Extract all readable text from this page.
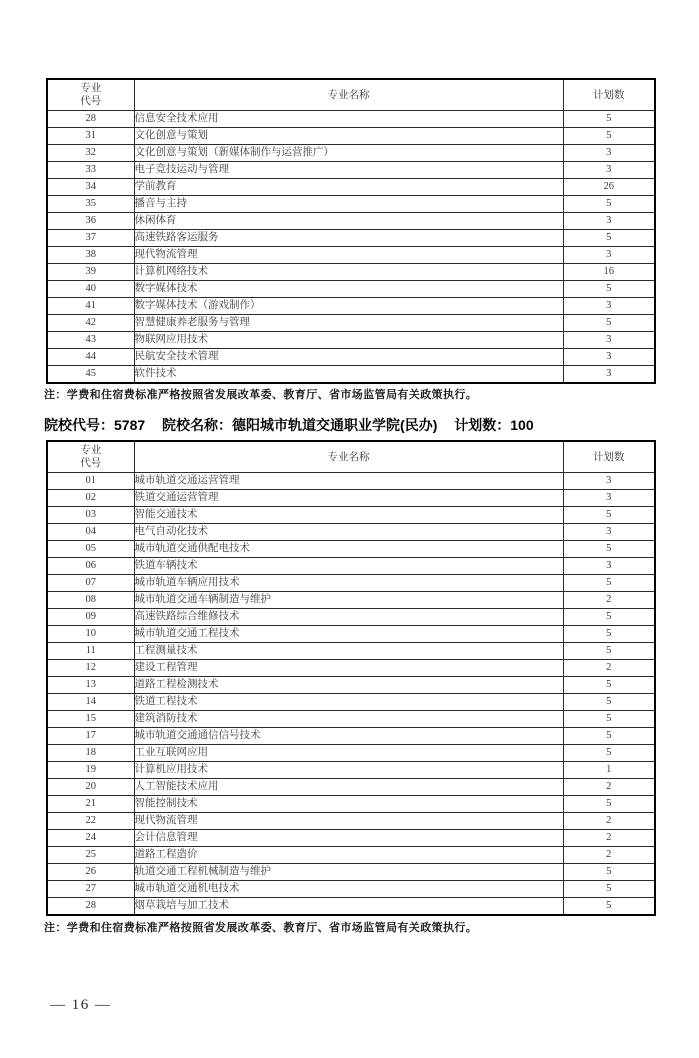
专业
代号	专业名称	计划数
28	信息安全技术应用	5
31	文化创意与策划	5
32	文化创意与策划（新媒体制作与运营推广）	3
33	电子竞技运动与管理	3
34	学前教育	26
35	播音与主持	5
36	休闲体育	3
37	高速铁路客运服务	5
38	现代物流管理	3
39	计算机网络技术	16
40	数字媒体技术	5
41	数字媒体技术（游戏制作）	3
42	智慧健康养老服务与管理	5
43	物联网应用技术	3
44	民航安全技术管理	3
45	软件技术	3

注：学费和住宿费标准严格按照省发展改革委、教育厅、省市场监管局有关政策执行。

院校代号：5787 院校名称：德阳城市轨道交通职业学院(民办) 计划数：100
专业
代号	专业名称	计划数
01	城市轨道交通运营管理	3
02	铁道交通运营管理	3
03	智能交通技术	5
04	电气自动化技术	3
05	城市轨道交通供配电技术	5
06	铁道车辆技术	3
07	城市轨道车辆应用技术	5
08	城市轨道交通车辆制造与维护	2
09	高速铁路综合维修技术	5
10	城市轨道交通工程技术	5
11	工程测量技术	5
12	建设工程管理	2
13	道路工程检测技术	5
14	铁道工程技术	5
15	建筑消防技术	5
17	城市轨道交通通信信号技术	5
18	工业互联网应用	5
19	计算机应用技术	1
20	人工智能技术应用	2
21	智能控制技术	5
22	现代物流管理	2
24	会计信息管理	2
25	道路工程造价	2
26	轨道交通工程机械制造与维护	5
27	城市轨道交通机电技术	5
28	烟草栽培与加工技术	5

注：学费和住宿费标准严格按照省发展改革委、教育厅、省市场监管局有关政策执行。

— 16 —
